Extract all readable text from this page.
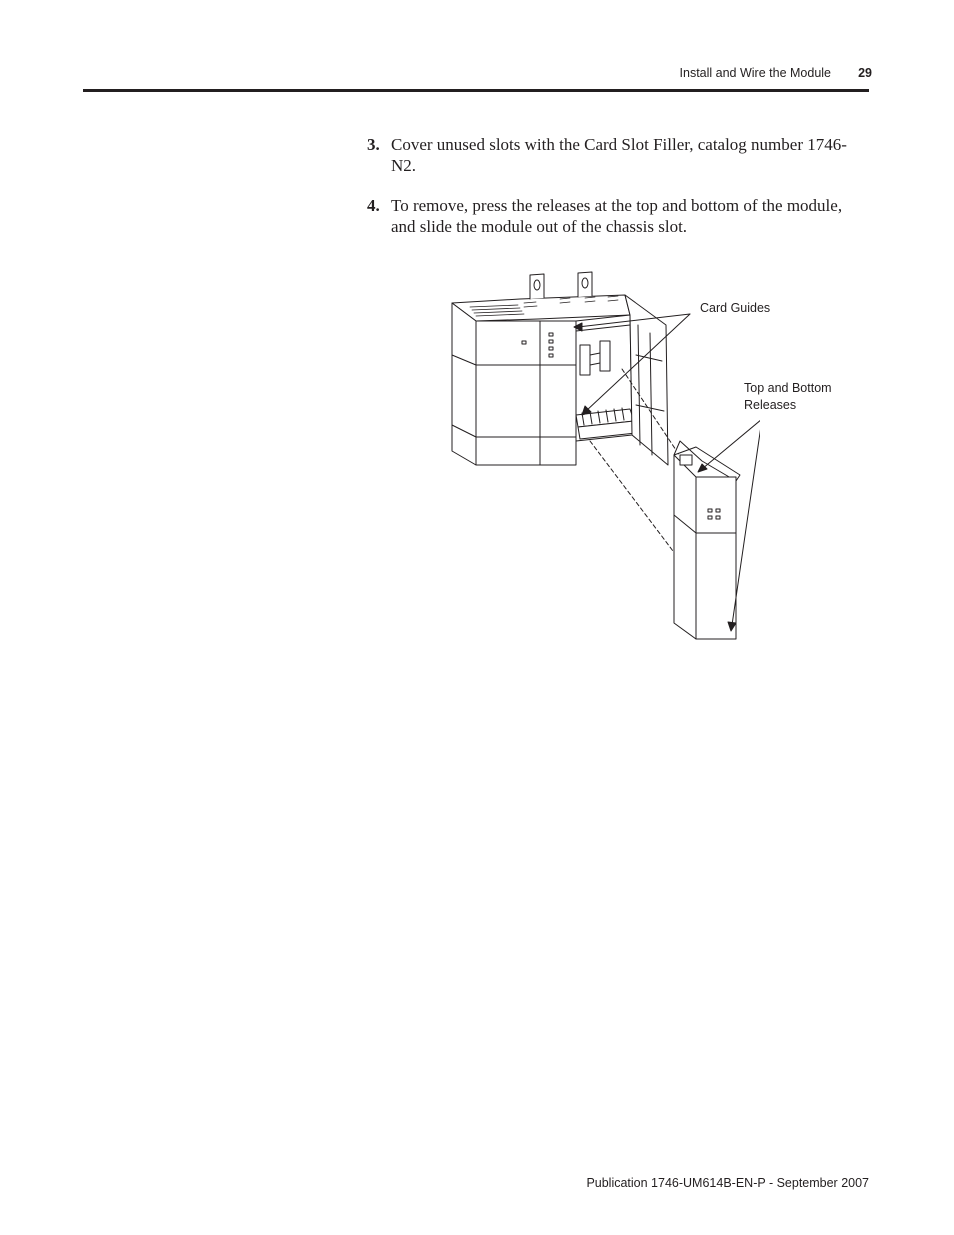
Install and Wire the Module	29
3. Cover unused slots with the Card Slot Filler, catalog number 1746-N2.
4. To remove, press the releases at the top and bottom of the module, and slide the module out of the chassis slot.
Card Guides
Top and Bottom
Releases
Publication 1746-UM614B-EN-P - September 2007
